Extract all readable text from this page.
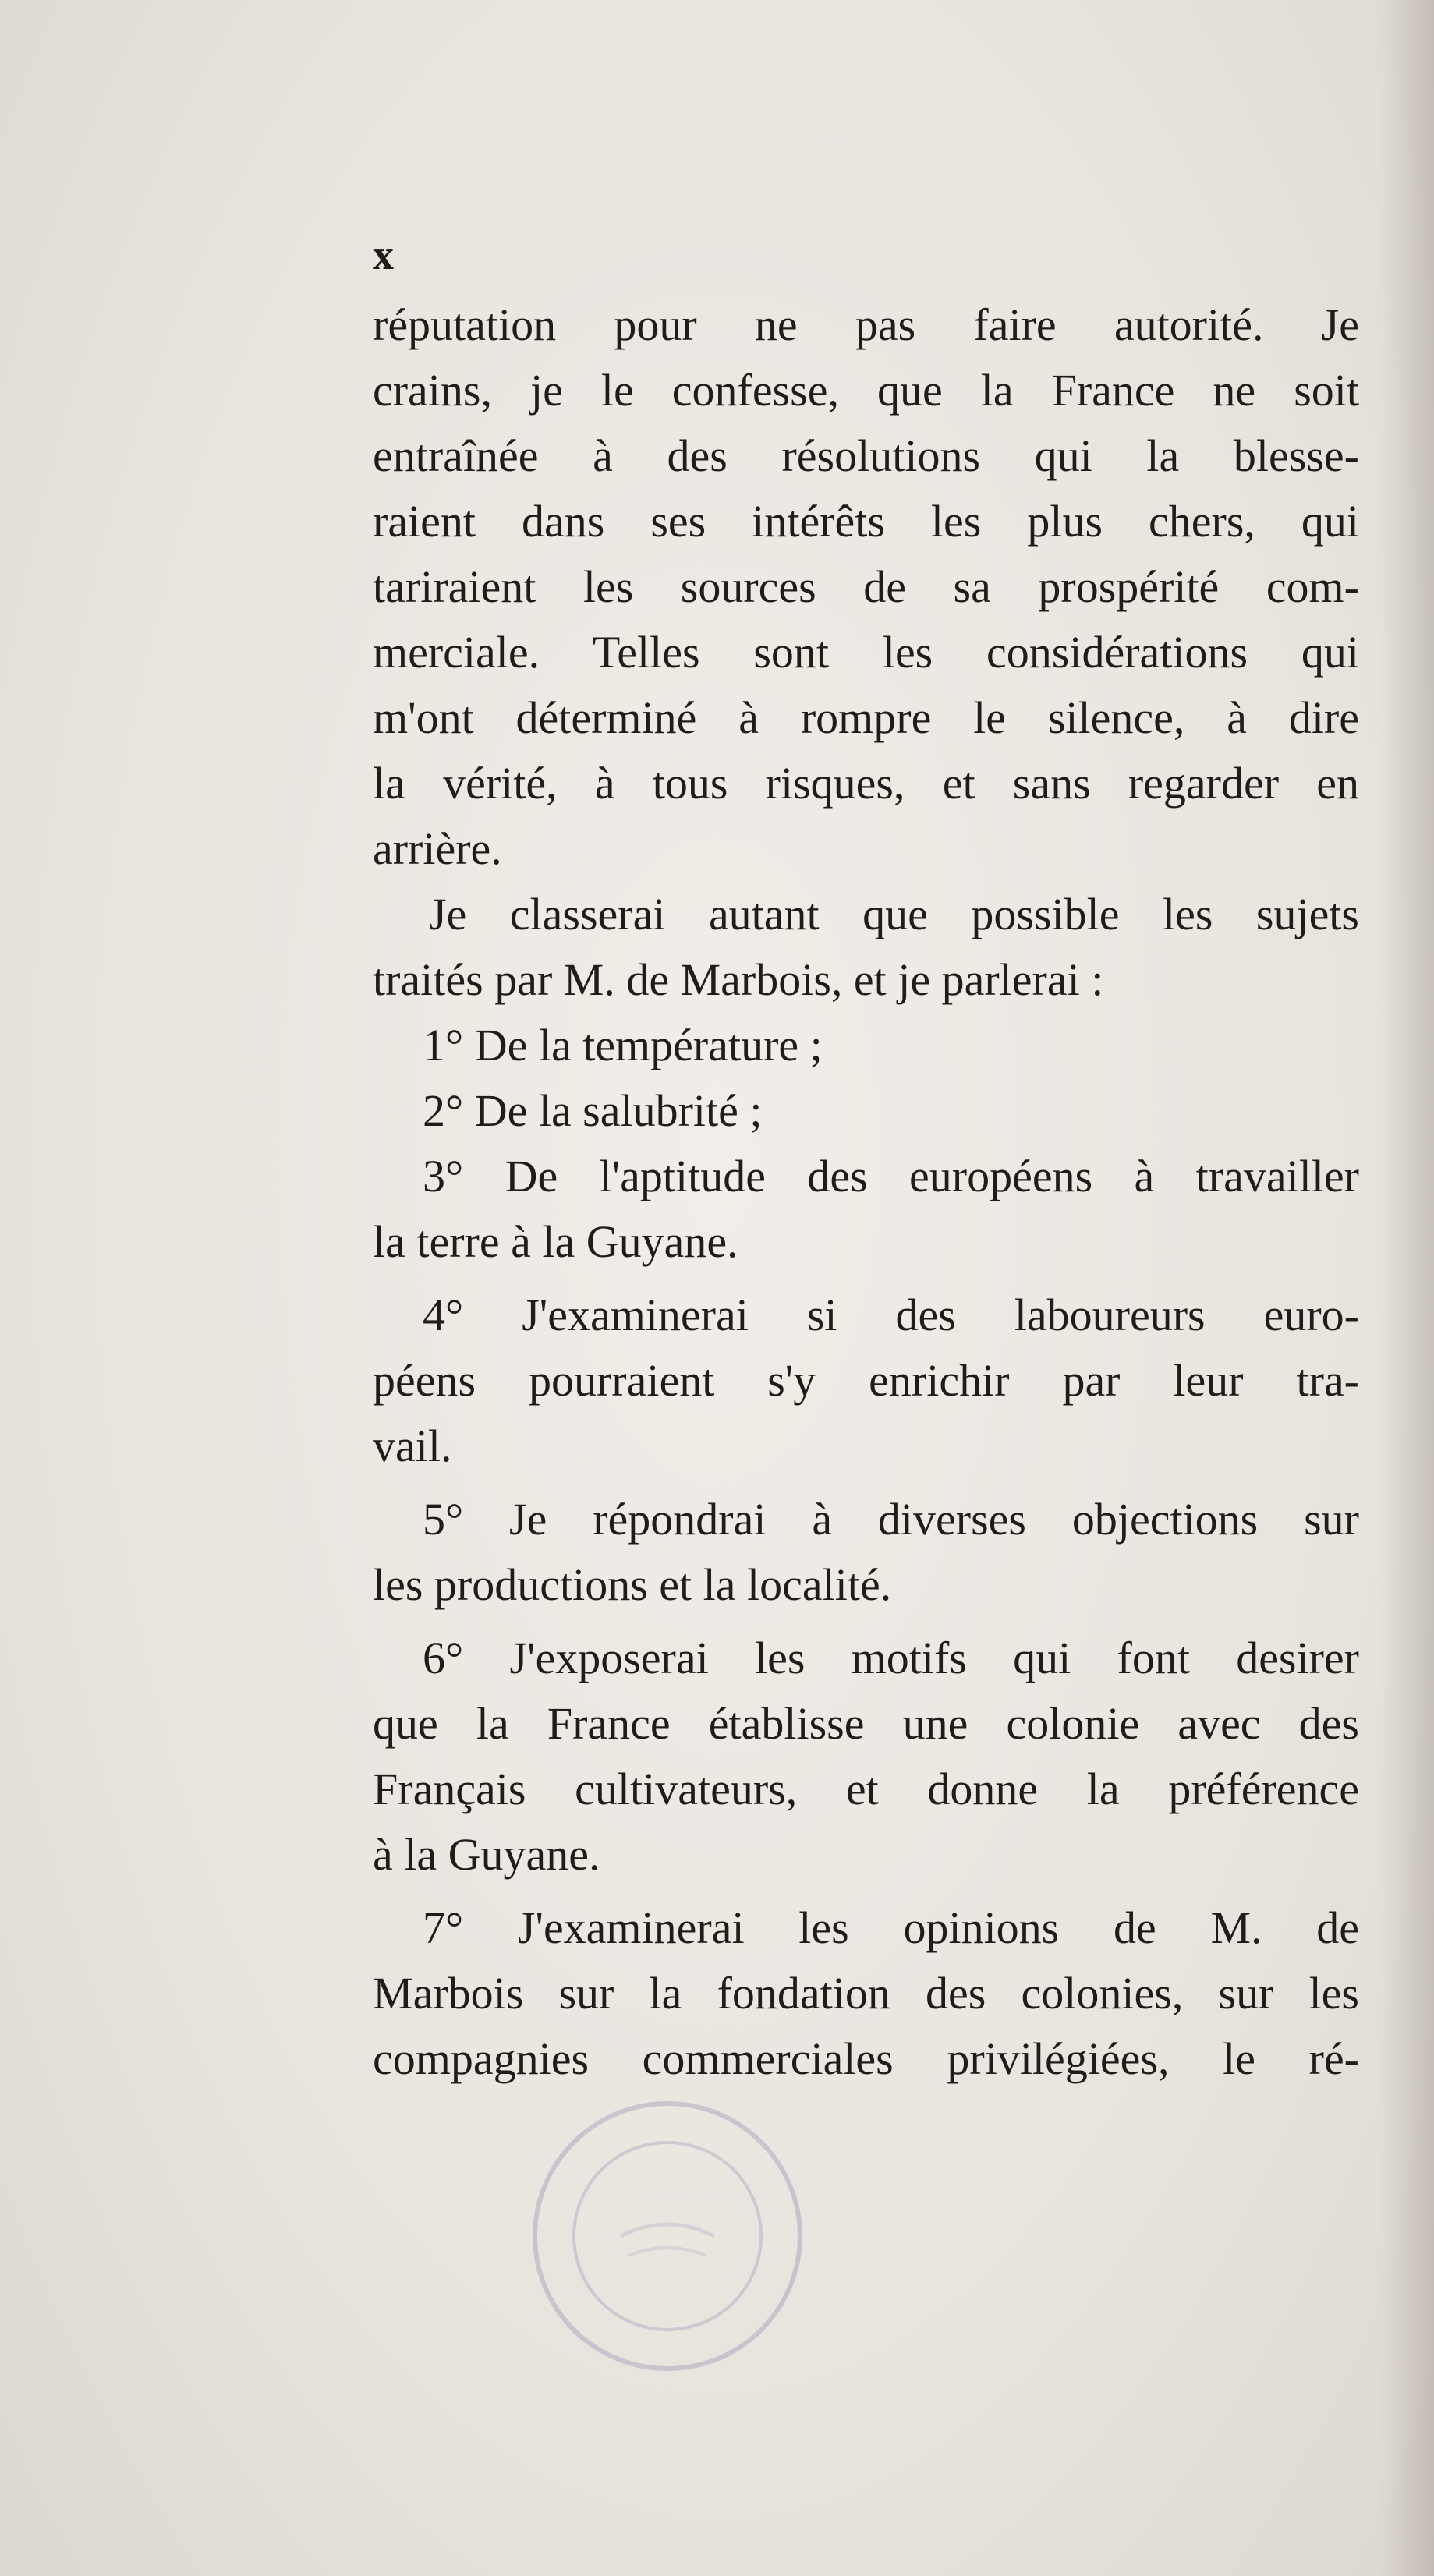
x
réputation pour ne pas faire autorité. Je
crains, je le confesse, que la France ne soit
entraînée à des résolutions qui la blesse-
raient dans ses intérêts les plus chers, qui
tariraient les sources de sa prospérité com-
merciale. Telles sont les considérations qui
m'ont déterminé à rompre le silence, à dire
la vérité, à tous risques, et sans regarder en
arrière.
Je classerai autant que possible les sujets
traités par M. de Marbois, et je parlerai :
1° De la température ;
2° De la salubrité ;
3° De l'aptitude des européens à travailler
la terre à la Guyane.
4° J'examinerai si des laboureurs euro-
péens pourraient s'y enrichir par leur tra-
vail.
5° Je répondrai à diverses objections sur
les productions et la localité.
6° J'exposerai les motifs qui font desirer
que la France établisse une colonie avec des
Français cultivateurs, et donne la préférence
à la Guyane.
7° J'examinerai les opinions de M. de
Marbois sur la fondation des colonies, sur les
compagnies commerciales privilégiées, le ré-
